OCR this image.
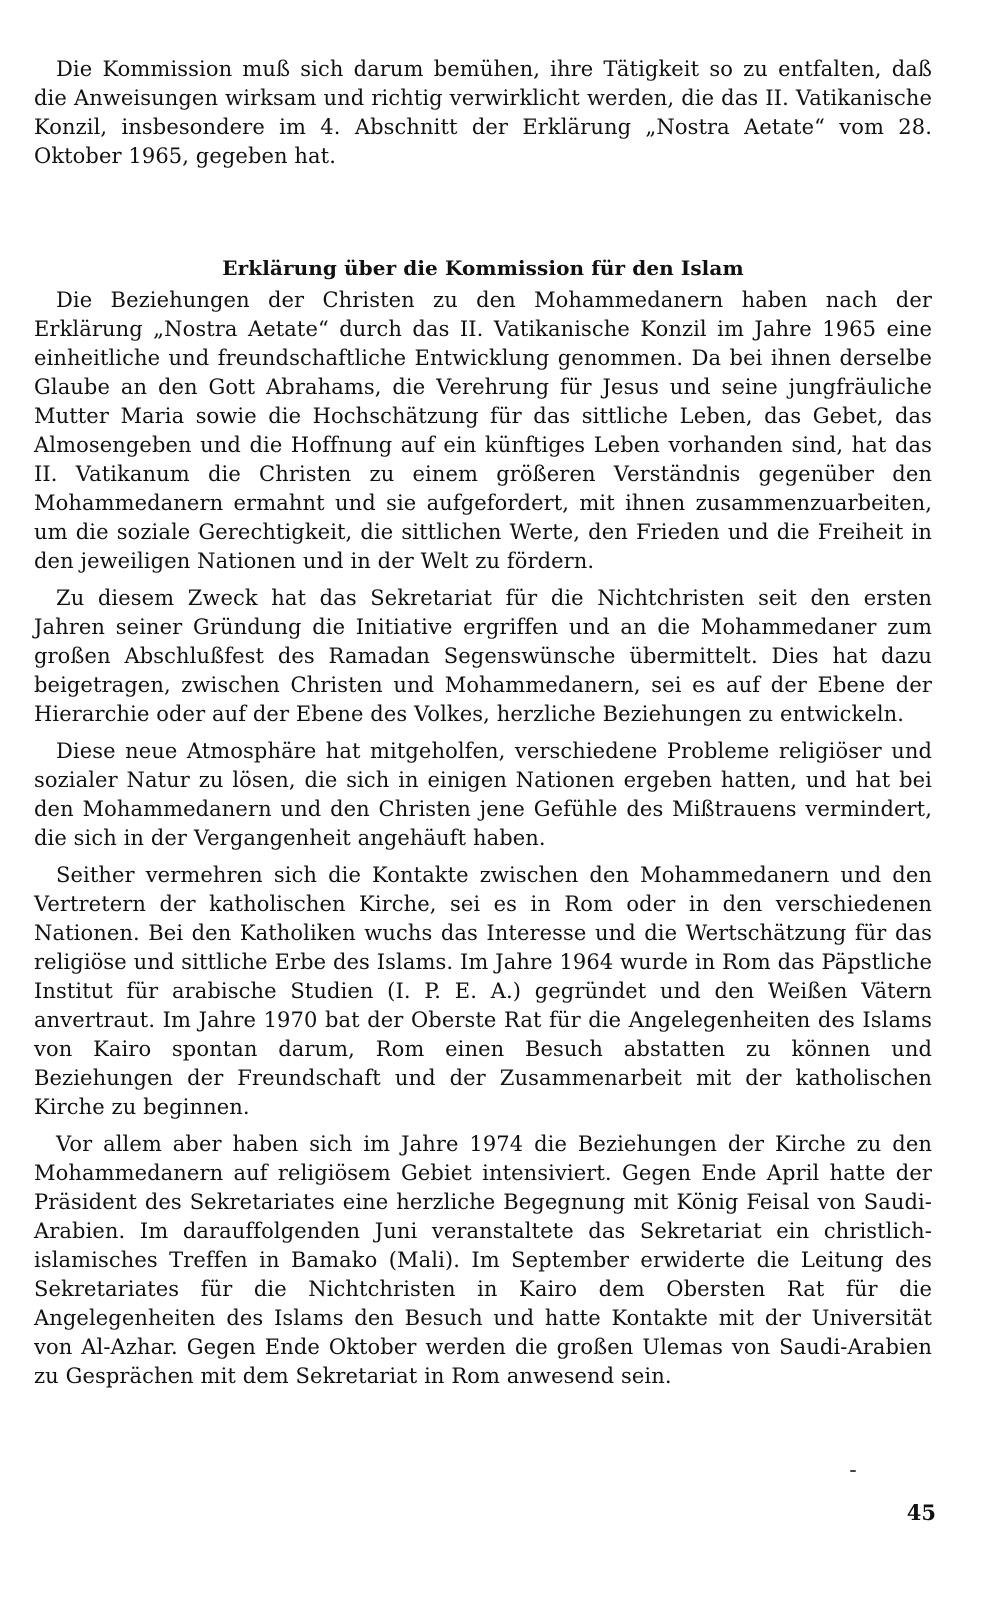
Die Kommission muß sich darum bemühen, ihre Tätigkeit so zu entfalten, daß die Anweisungen wirksam und richtig verwirklicht werden, die das II. Vatikanische Konzil, insbesondere im 4. Abschnitt der Erklärung „Nostra Aetate“ vom 28. Oktober 1965, gegeben hat.

Erklärung über die Kommission für den Islam

Die Beziehungen der Christen zu den Mohammedanern haben nach der Erklärung „Nostra Aetate“ durch das II. Vatikanische Konzil im Jahre 1965 eine einheitliche und freundschaftliche Entwicklung genommen. Da bei ihnen derselbe Glaube an den Gott Abrahams, die Verehrung für Jesus und seine jungfräuliche Mutter Maria sowie die Hochschätzung für das sittliche Leben, das Gebet, das Almosengeben und die Hoffnung auf ein künftiges Leben vorhanden sind, hat das II. Vatikanum die Christen zu einem größeren Verständnis gegenüber den Mohammedanern ermahnt und sie aufgefordert, mit ihnen zusammenzuarbeiten, um die soziale Gerechtigkeit, die sittlichen Werte, den Frieden und die Freiheit in den jeweiligen Nationen und in der Welt zu fördern.

Zu diesem Zweck hat das Sekretariat für die Nichtchristen seit den ersten Jahren seiner Gründung die Initiative ergriffen und an die Mohammedaner zum großen Abschlußfest des Ramadan Segenswünsche übermittelt. Dies hat dazu beigetragen, zwischen Christen und Mohammedanern, sei es auf der Ebene der Hierarchie oder auf der Ebene des Volkes, herzliche Beziehungen zu entwickeln.

Diese neue Atmosphäre hat mitgeholfen, verschiedene Probleme religiöser und sozialer Natur zu lösen, die sich in einigen Nationen ergeben hatten, und hat bei den Mohammedanern und den Christen jene Gefühle des Mißtrauens vermindert, die sich in der Vergangenheit angehäuft haben.

Seither vermehren sich die Kontakte zwischen den Mohammedanern und den Vertretern der katholischen Kirche, sei es in Rom oder in den verschiedenen Nationen. Bei den Katholiken wuchs das Interesse und die Wertschätzung für das religiöse und sittliche Erbe des Islams. Im Jahre 1964 wurde in Rom das Päpstliche Institut für arabische Studien (I. P. E. A.) gegründet und den Weißen Vätern anvertraut. Im Jahre 1970 bat der Oberste Rat für die Angelegenheiten des Islams von Kairo spontan darum, Rom einen Besuch abstatten zu können und Beziehungen der Freundschaft und der Zusammenarbeit mit der katholischen Kirche zu beginnen.

Vor allem aber haben sich im Jahre 1974 die Beziehungen der Kirche zu den Mohammedanern auf religiösem Gebiet intensiviert. Gegen Ende April hatte der Präsident des Sekretariates eine herzliche Begegnung mit König Feisal von Saudi-Arabien. Im darauffolgenden Juni veranstaltete das Sekretariat ein christlich-islamisches Treffen in Bamako (Mali). Im September erwiderte die Leitung des Sekretariates für die Nichtchristen in Kairo dem Obersten Rat für die Angelegenheiten des Islams den Besuch und hatte Kontakte mit der Universität von Al-Azhar. Gegen Ende Oktober werden die großen Ulemas von Saudi-Arabien zu Gesprächen mit dem Sekretariat in Rom anwesend sein.

45
